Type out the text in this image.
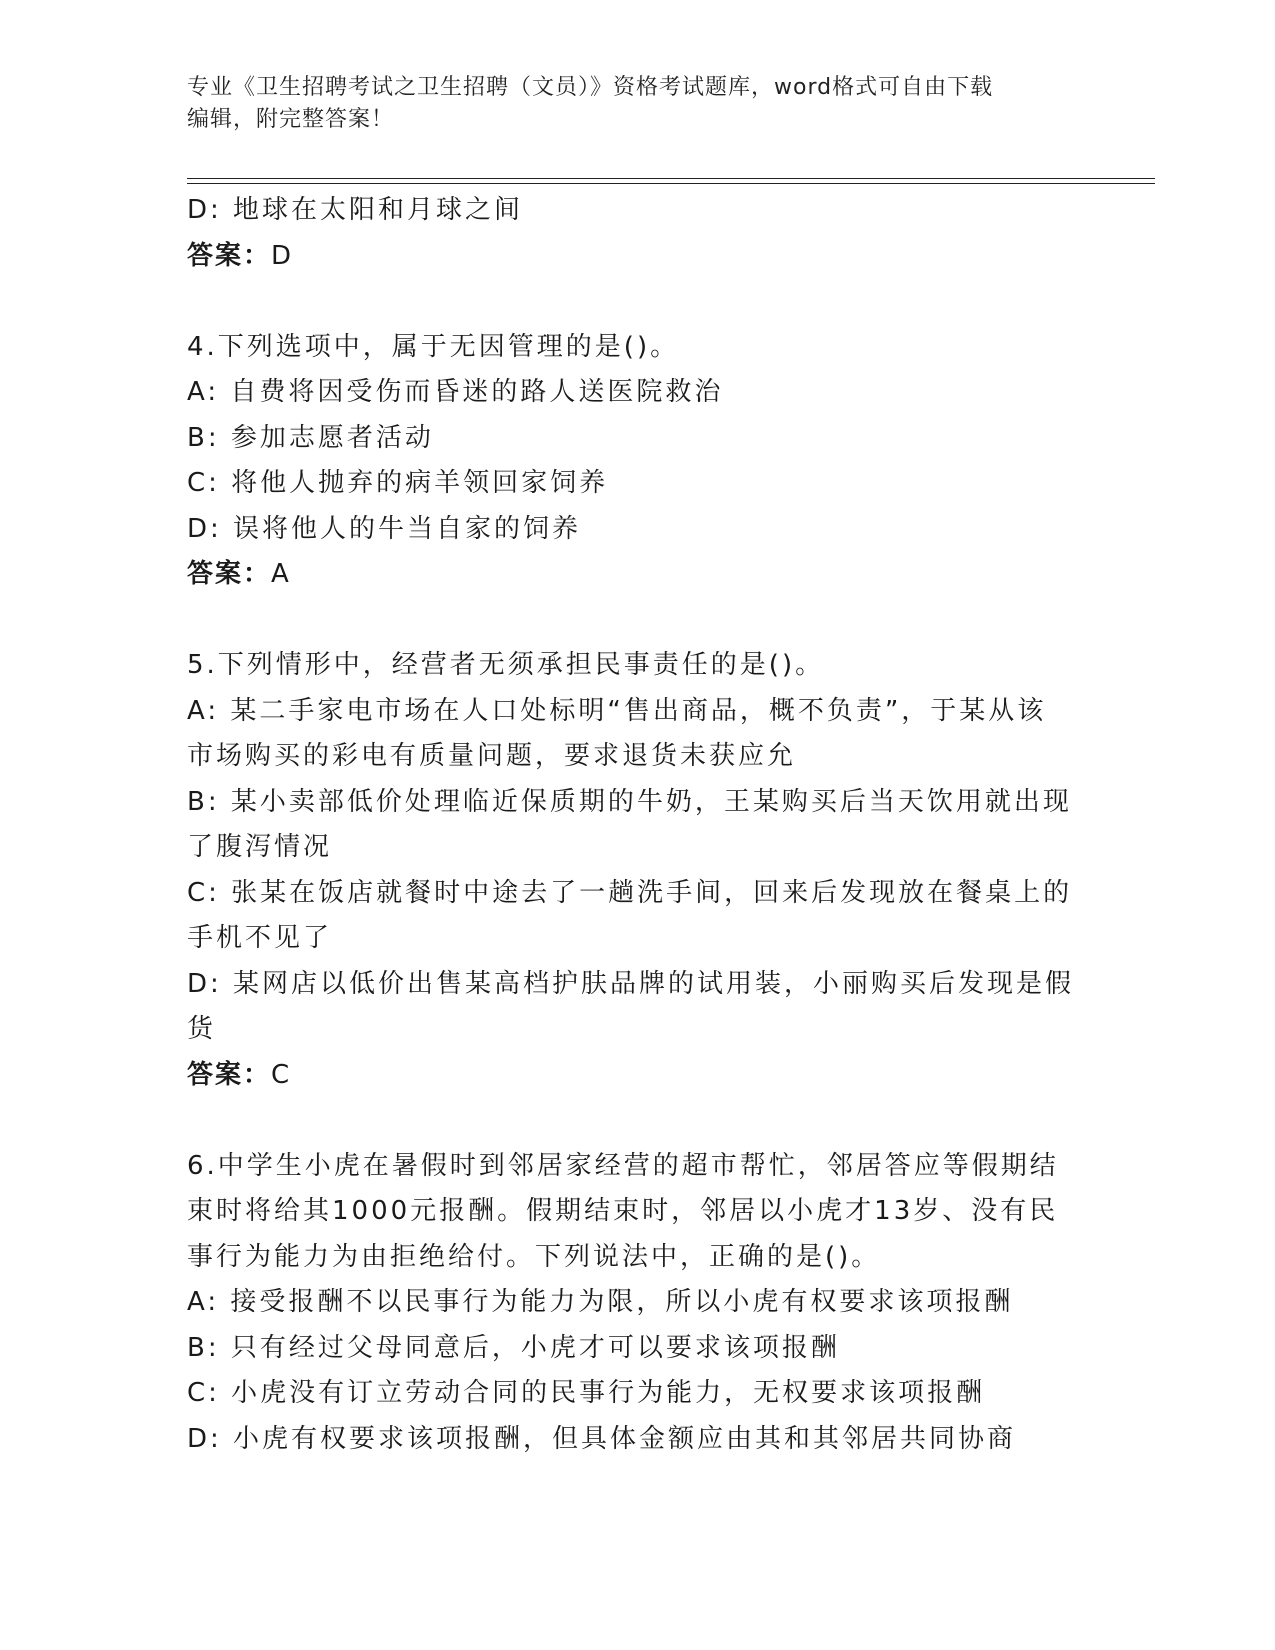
专业《卫生招聘考试之卫生招聘（文员）》资格考试题库，word格式可自由下载
编辑，附完整答案！
D: 地球在太阳和月球之间
答案：D
4.下列选项中，属于无因管理的是()。
A: 自费将因受伤而昏迷的路人送医院救治
B: 参加志愿者活动
C: 将他人抛弃的病羊领回家饲养
D: 误将他人的牛当自家的饲养
答案：A
5.下列情形中，经营者无须承担民事责任的是()。
A: 某二手家电市场在人口处标明“售出商品，概不负责”，于某从该
市场购买的彩电有质量问题，要求退货未获应允
B: 某小卖部低价处理临近保质期的牛奶，王某购买后当天饮用就出现
了腹泻情况
C: 张某在饭店就餐时中途去了一趟洗手间，回来后发现放在餐桌上的
手机不见了
D: 某网店以低价出售某高档护肤品牌的试用装，小丽购买后发现是假
货
答案：C
6.中学生小虎在暑假时到邻居家经营的超市帮忙，邻居答应等假期结
束时将给其1000元报酬。假期结束时，邻居以小虎才13岁、没有民
事行为能力为由拒绝给付。下列说法中，正确的是()。
A: 接受报酬不以民事行为能力为限，所以小虎有权要求该项报酬
B: 只有经过父母同意后，小虎才可以要求该项报酬
C: 小虎没有订立劳动合同的民事行为能力，无权要求该项报酬
D: 小虎有权要求该项报酬，但具体金额应由其和其邻居共同协商
